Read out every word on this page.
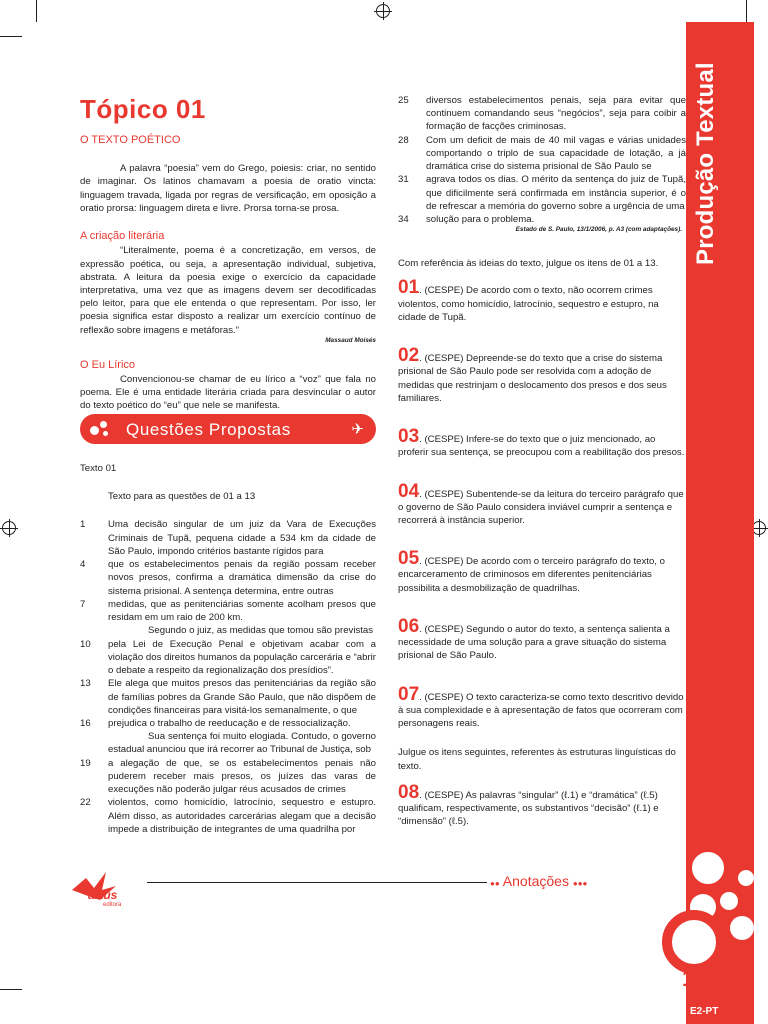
Tópico 01
O TEXTO POÉTICO

A palavra “poesia” vem do Grego, poiesis: criar, no sentido de imaginar. Os latinos chamavam a poesia de oratio vincta: linguagem travada, ligada por regras de versificação, em oposição a oratio prorsa: linguagem direta e livre. Prorsa torna-se prosa.

A criação literária

“Literalmente, poema é a concretização, em versos, de expressão poética, ou seja, a apresentação individual, subjetiva, abstrata. A leitura da poesia exige o exercício da capacidade interpretativa, uma vez que as imagens devem ser decodificadas pelo leitor, para que ele entenda o que representam. Por isso, ler poesia significa estar disposto a realizar um exercício contínuo de reflexão sobre imagens e metáforas.”

Massaud Moisés
O Eu Lírico

Convencionou-se chamar de eu lírico a “voz” que fala no poema. Ele é uma entidade literária criada para desvincular o autor do texto poético do “eu” que nele se manifesta.

Questões Propostas	✈
Texto 01
Texto para as questões de 01 a 13
1	Uma decisão singular de um juiz da Vara de Execuções Criminais de Tupã, pequena cidade a 534 km da cidade de São Paulo, impondo critérios bastante rígidos para
4	que os estabelecimentos penais da região possam receber novos presos, confirma a dramática dimensão da crise do sistema prisional. A sentença determina, entre outras
7	medidas, que as penitenciárias somente acolham presos que residam em um raio de 200 km.
Segundo o juiz, as medidas que tomou são previstas
10	pela Lei de Execução Penal e objetivam acabar com a violação dos direitos humanos da população carcerária e “abrir o debate a respeito da regionalização dos presídios”.
13	Ele alega que muitos presos das penitenciárias da região são de famílias pobres da Grande São Paulo, que não dispõem de condições financeiras para visitá-los semanalmente, o que
16	prejudica o trabalho de reeducação e de ressocialização.
Sua sentença foi muito elogiada. Contudo, o governo estadual anunciou que irá recorrer ao Tribunal de Justiça, sob
19	a alegação de que, se os estabelecimentos penais não puderem receber mais presos, os juízes das varas de execuções não poderão julgar réus acusados de crimes
22	violentos, como homicídio, latrocínio, sequestro e estupro. Além disso, as autoridades carcerárias alegam que a decisão impede a distribuição de integrantes de uma quadrilha por
25	diversos estabelecimentos penais, seja para evitar que continuem comandando seus “negócios”, seja para coibir a formação de facções criminosas.
28	Com um deficit de mais de 40 mil vagas e várias unidades comportando o triplo de sua capacidade de lotação, a já dramática crise do sistema prisional de São Paulo se
31	agrava todos os dias. O mérito da sentença do juiz de Tupã, que dificilmente será confirmada em instância superior, é o de refrescar a memória do governo sobre a urgência de uma
34	solução para o problema.
Estado de S. Paulo, 13/1/2006, p. A3 (com adaptações).

Com referência às ideias do texto, julgue os itens de 01 a 13.

01. (CESPE) De acordo com o texto, não ocorrem crimes violentos, como homicídio, latrocínio, sequestro e estupro, na cidade de Tupã.
02. (CESPE) Depreende-se do texto que a crise do sistema prisional de São Paulo pode ser resolvida com a adoção de medidas que restrinjam o deslocamento dos presos e dos seus familiares.
03. (CESPE) Infere-se do texto que o juiz mencionado, ao proferir sua sentença, se preocupou com a reabilitação dos presos.
04. (CESPE) Subentende-se da leitura do terceiro parágrafo que o governo de São Paulo considera inviável cumprir a sentença e recorrerá à instância superior.
05. (CESPE) De acordo com o terceiro parágrafo do texto, o encarceramento de criminosos em diferentes penitenciárias possibilita a desmobilização de quadrilhas.
06. (CESPE) Segundo o autor do texto, a sentença salienta a necessidade de uma solução para a grave situação do sistema prisional de São Paulo.
07. (CESPE) O texto caracteriza-se como texto descritivo devido à sua complexidade e à apresentação de fatos que ocorreram com personagens reais.

Julgue os itens seguintes, referentes às estruturas linguísticas do texto.

08. (CESPE) As palavras “singular” (ℓ.1) e “dramática” (ℓ.5) qualificam, respectivamente, os substantivos “decisão” (ℓ.1) e “dimensão” (ℓ.5).
Produção Textual
1
E2-PT
●● Anotações ●●●
artus
editora
